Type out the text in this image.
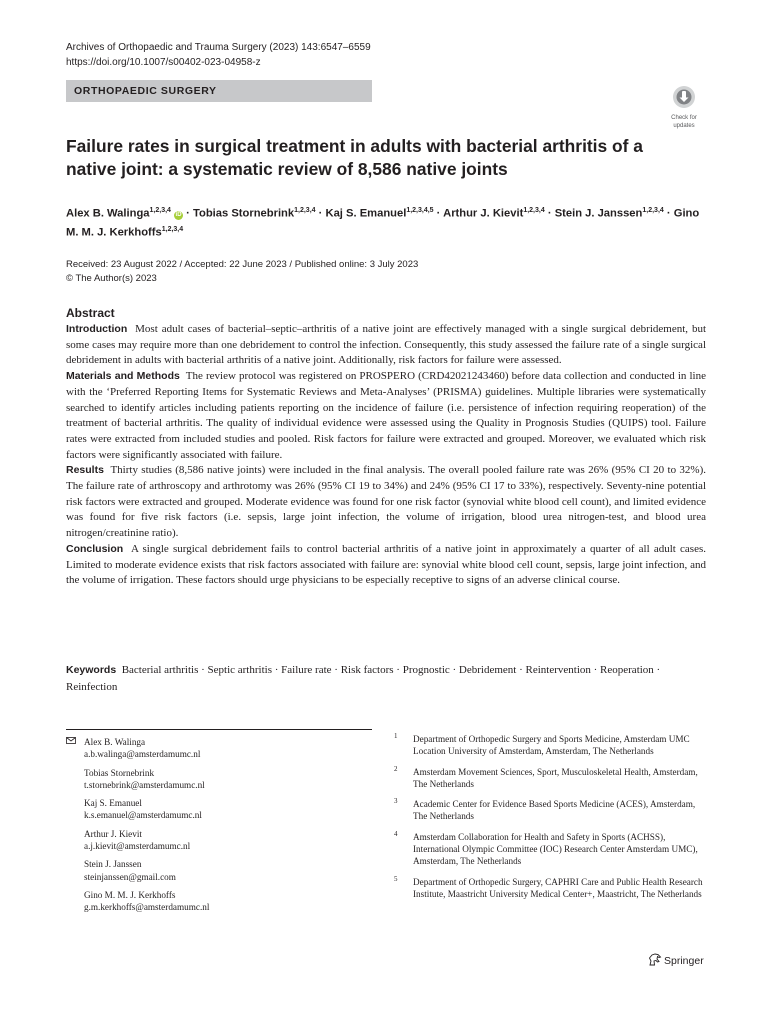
Archives of Orthopaedic and Trauma Surgery (2023) 143:6547–6559
https://doi.org/10.1007/s00402-023-04958-z
ORTHOPAEDIC SURGERY
Check for
updates
Failure rates in surgical treatment in adults with bacterial arthritis of a native joint: a systematic review of 8,586 native joints
Alex B. Walinga$^{1,2,3,4}$ iD · Tobias Stornebrink$^{1,2,3,4}$ · Kaj S. Emanuel$^{1,2,3,4,5}$ · Arthur J. Kievit$^{1,2,3,4}$ · Stein J. Janssen$^{1,2,3,4}$ · Gino M. M. J. Kerkhoffs$^{1,2,3,4}$
Received: 23 August 2022 / Accepted: 22 June 2023 / Published online: 3 July 2023
© The Author(s) 2023
Abstract

Introduction Most adult cases of bacterial–septic–arthritis of a native joint are effectively managed with a single surgical debridement, but some cases may require more than one debridement to control the infection. Consequently, this study assessed the failure rate of a single surgical debridement in adults with bacterial arthritis of a native joint. Additionally, risk factors for failure were assessed.

Materials and Methods The review protocol was registered on PROSPERO (CRD42021243460) before data collection and conducted in line with the ‘Preferred Reporting Items for Systematic Reviews and Meta-Analyses’ (PRISMA) guidelines. Multiple libraries were systematically searched to identify articles including patients reporting on the incidence of failure (i.e. persistence of infection requiring reoperation) of the treatment of bacterial arthritis. The quality of individual evidence were assessed using the Quality in Prognosis Studies (QUIPS) tool. Failure rates were extracted from included studies and pooled. Risk factors for failure were extracted and grouped. Moreover, we evaluated which risk factors were significantly associated with failure.

Results Thirty studies (8,586 native joints) were included in the final analysis. The overall pooled failure rate was 26% (95% CI 20 to 32%). The failure rate of arthroscopy and arthrotomy was 26% (95% CI 19 to 34%) and 24% (95% CI 17 to 33%), respectively. Seventy-nine potential risk factors were extracted and grouped. Moderate evidence was found for one risk factor (synovial white blood cell count), and limited evidence was found for five risk factors (i.e. sepsis, large joint infection, the volume of irrigation, blood urea nitrogen-test, and blood urea nitrogen/creatinine ratio).

Conclusion A single surgical debridement fails to control bacterial arthritis of a native joint in approximately a quarter of all adult cases. Limited to moderate evidence exists that risk factors associated with failure are: synovial white blood cell count, sepsis, large joint infection, and the volume of irrigation. These factors should urge physicians to be especially receptive to signs of an adverse clinical course.

Keywords Bacterial arthritis · Septic arthritis · Failure rate · Risk factors · Prognostic · Debridement · Reintervention · Reoperation · Reinfection
Alex B. Walinga
a.b.walinga@amsterdamumc.nl
Tobias Stornebrink
t.stornebrink@amsterdamumc.nl
Kaj S. Emanuel
k.s.emanuel@amsterdamumc.nl
Arthur J. Kievit
a.j.kievit@amsterdamumc.nl
Stein J. Janssen
steinjanssen@gmail.com
Gino M. M. J. Kerkhoffs
g.m.kerkhoffs@amsterdamumc.nl
1 Department of Orthopedic Surgery and Sports Medicine, Amsterdam UMC Location University of Amsterdam, Amsterdam, The Netherlands
2 Amsterdam Movement Sciences, Sport, Musculoskeletal Health, Amsterdam, The Netherlands
3 Academic Center for Evidence Based Sports Medicine (ACES), Amsterdam, The Netherlands
4 Amsterdam Collaboration for Health and Safety in Sports (ACHSS), International Olympic Committee (IOC) Research Center Amsterdam UMC), Amsterdam, The Netherlands
5 Department of Orthopedic Surgery, CAPHRI Care and Public Health Research Institute, Maastricht University Medical Center+, Maastricht, The Netherlands
Springer
